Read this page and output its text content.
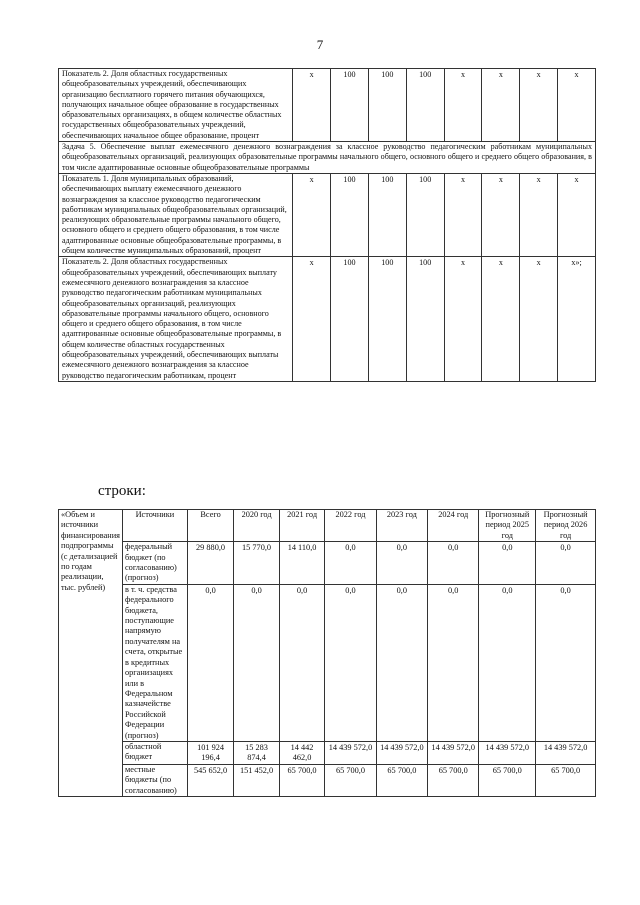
7
Показатель 2. Доля областных государственных общеобразовательных учреждений, обеспечивающих организацию бесплатного горячего питания обучающихся, получающих начальное общее образование в государственных образовательных организациях, в общем количестве областных государственных общеобразовательных учреждений, обеспечивающих начальное общее образование, процент	х	100	100	100	х	х	х	х
Задача 5. Обеспечение выплат ежемесячного денежного вознаграждения за классное руководство педагогическим работникам муниципальных общеобразовательных организаций, реализующих образовательные программы начального общего, основного общего и среднего общего образования, в том числе адаптированные основные общеобразовательные программы								
Показатель 1. Доля муниципальных образований, обеспечивающих выплату ежемесячного денежного вознаграждения за классное руководство педагогическим работникам муниципальных общеобразовательных организаций, реализующих образовательные программы начального общего, основного общего и среднего общего образования, в том числе адаптированные основные общеобразовательные программы, в общем количестве муниципальных образований, процент	х	100	100	100	х	х	х	х
Показатель 2. Доля областных государственных общеобразовательных учреждений, обеспечивающих выплату ежемесячного денежного вознаграждения за классное руководство педагогическим работникам муниципальных общеобразовательных организаций, реализующих образовательные программы начального общего, основного общего и среднего общего образования, в том числе адаптированные основные общеобразовательные программы, в общем количестве областных государственных общеобразовательных учреждений, обеспечивающих выплаты ежемесячного денежного вознаграждения за классное руководство педагогическим работникам, процент	х	100	100	100	х	х	х	х»;
строки:
«Объем и источники финансирования подпрограммы (с детализацией по годам реализации, тыс. рублей)	Источники	Всего	2020 год	2021 год	2022 год	2023 год	2024 год	Прогнозный период 2025 год	Прогнозный период 2026 год
	федеральный бюджет (по согласованию) (прогноз)	29 880,0	15 770,0	14 110,0	0,0	0,0	0,0	0,0	0,0
	в т. ч. средства федерального бюджета, поступающие напрямую получателям на счета, открытые в кредитных организациях или в Федеральном казначействе Российской Федерации (прогноз)	0,0	0,0	0,0	0,0	0,0	0,0	0,0	0,0
	областной бюджет	101 924 196,4	15 283 874,4	14 442 462,0	14 439 572,0	14 439 572,0	14 439 572,0	14 439 572,0	14 439 572,0
	местные бюджеты (по согласованию)	545 652,0	151 452,0	65 700,0	65 700,0	65 700,0	65 700,0	65 700,0	65 700,0
